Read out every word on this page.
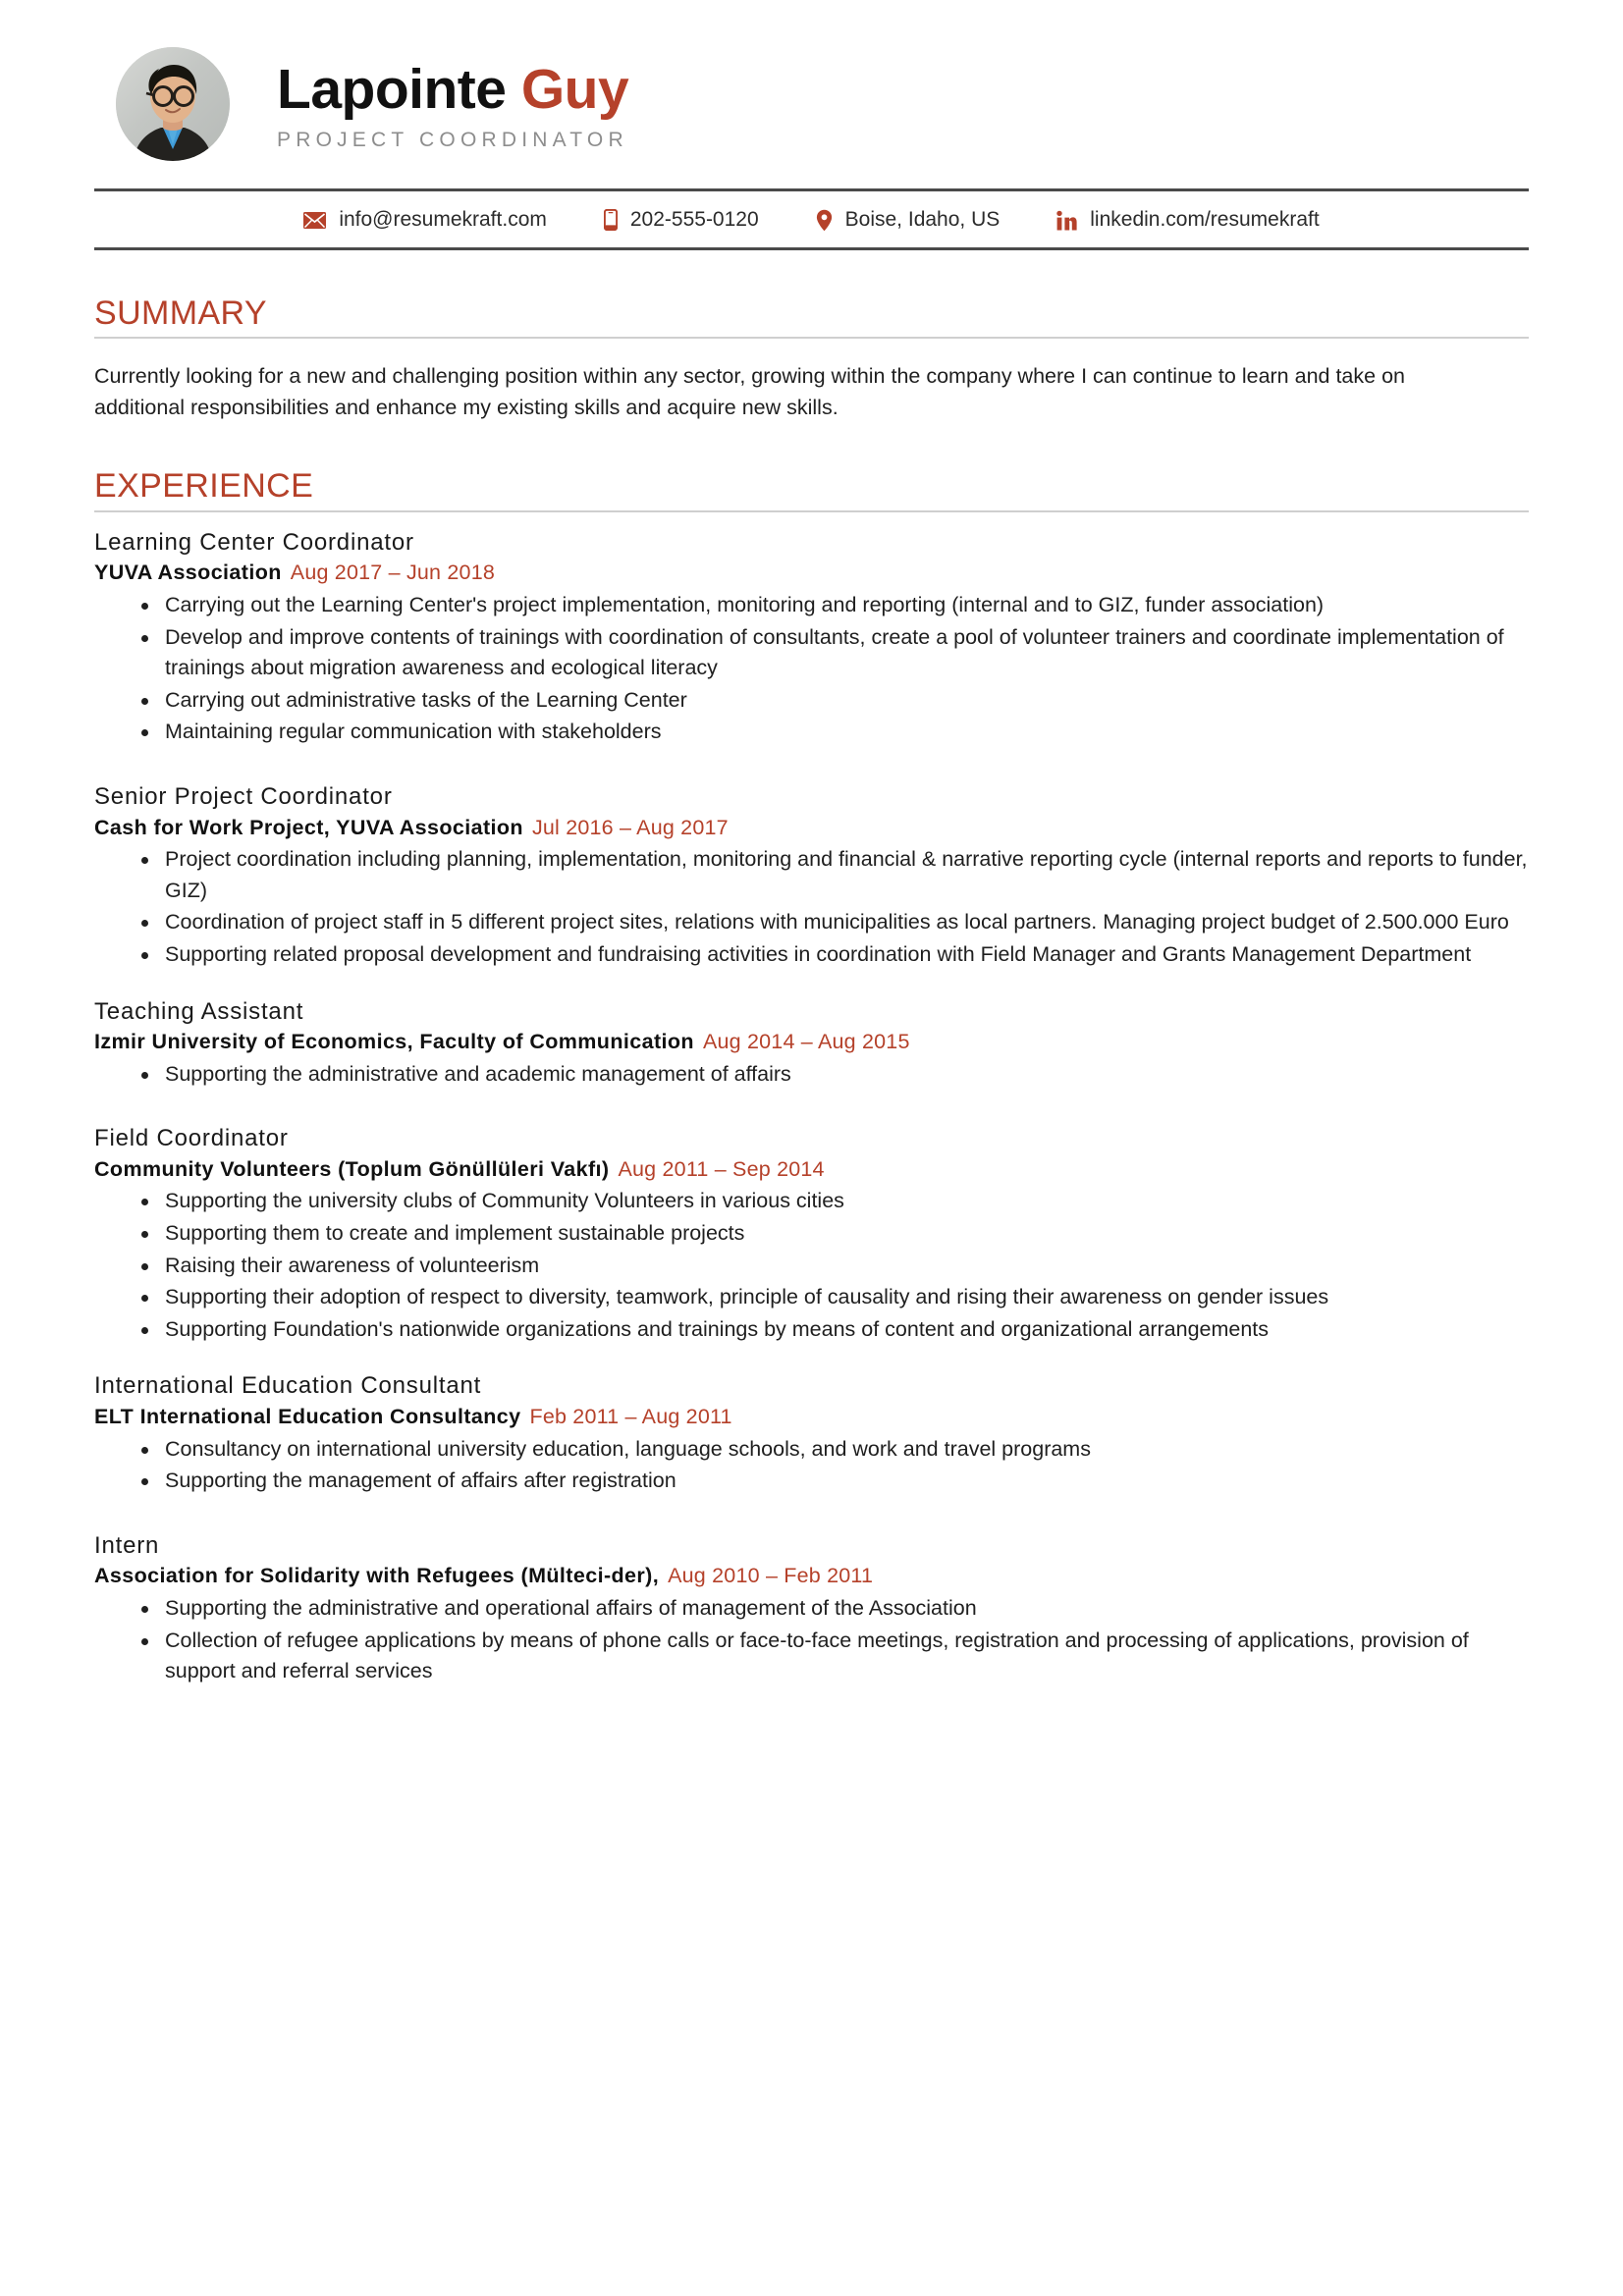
Lapointe Guy
PROJECT COORDINATOR
info@resumekraft.com	202-555-0120	Boise, Idaho, US	linkedin.com/resumekraft
SUMMARY

Currently looking for a new and challenging position within any sector, growing within the company where I can continue to learn and take on additional responsibilities and enhance my existing skills and acquire new skills.

EXPERIENCE
Learning Center Coordinator
YUVA Association Aug 2017 – Jun 2018
Carrying out the Learning Center's project implementation, monitoring and reporting (internal and to GIZ, funder association)
Develop and improve contents of trainings with coordination of consultants, create a pool of volunteer trainers and coordinate implementation of trainings about migration awareness and ecological literacy
Carrying out administrative tasks of the Learning Center
Maintaining regular communication with stakeholders
Senior Project Coordinator
Cash for Work Project, YUVA Association Jul 2016 – Aug 2017
Project coordination including planning, implementation, monitoring and financial & narrative reporting cycle (internal reports and reports to funder, GIZ)
Coordination of project staff in 5 different project sites, relations with municipalities as local partners. Managing project budget of 2.500.000 Euro
Supporting related proposal development and fundraising activities in coordination with Field Manager and Grants Management Department
Teaching Assistant
Izmir University of Economics, Faculty of Communication Aug 2014 – Aug 2015
Supporting the administrative and academic management of affairs
Field Coordinator
Community Volunteers (Toplum Gönüllüleri Vakfı) Aug 2011 – Sep 2014
Supporting the university clubs of Community Volunteers in various cities
Supporting them to create and implement sustainable projects
Raising their awareness of volunteerism
Supporting their adoption of respect to diversity, teamwork, principle of causality and rising their awareness on gender issues
Supporting Foundation's nationwide organizations and trainings by means of content and organizational arrangements
International Education Consultant
ELT International Education Consultancy Feb 2011 – Aug 2011
Consultancy on international university education, language schools, and work and travel programs
Supporting the management of affairs after registration
Intern
Association for Solidarity with Refugees (Mülteci-der), Aug 2010 – Feb 2011
Supporting the administrative and operational affairs of management of the Association
Collection of refugee applications by means of phone calls or face-to-face meetings, registration and processing of applications, provision of support and referral services
